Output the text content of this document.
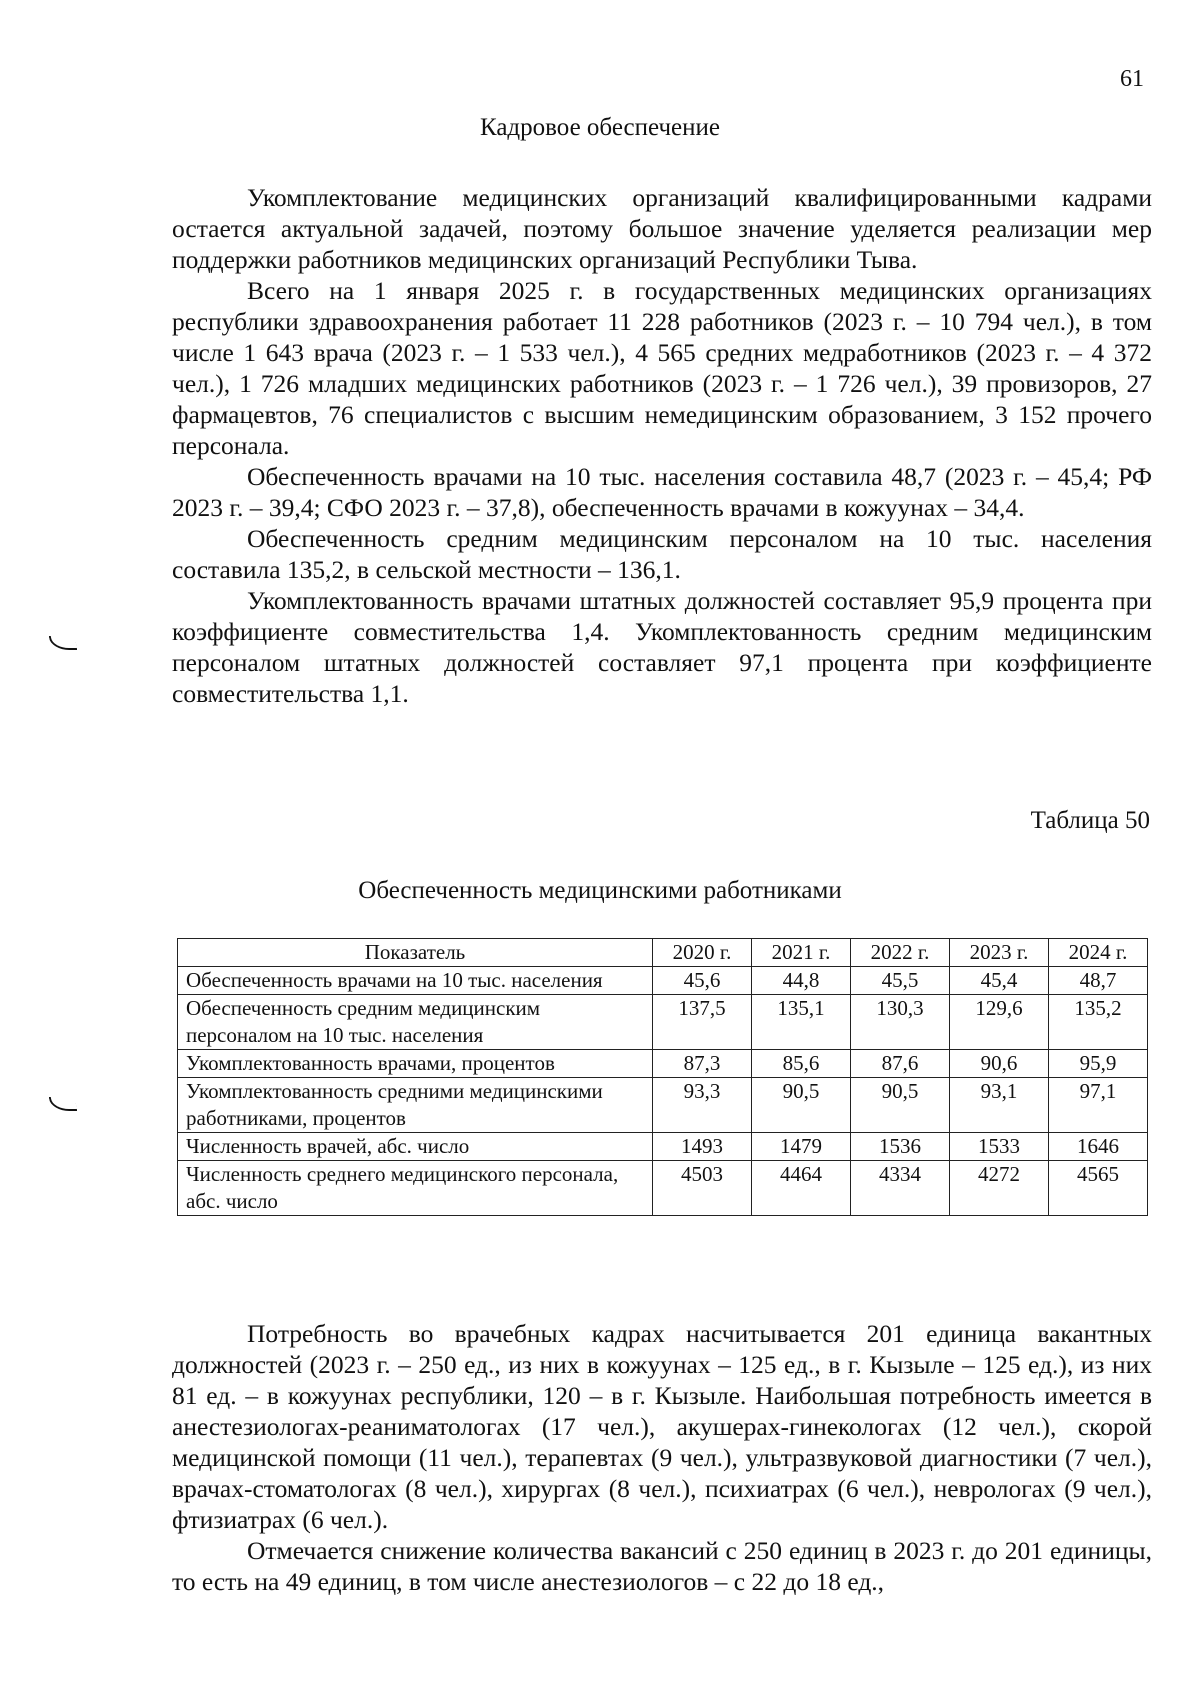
61
Кадровое обеспечение

Укомплектование медицинских организаций квалифицированными кадрами остается актуальной задачей, поэтому большое значение уделяется реализации мер поддержки работников медицинских организаций Республики Тыва.

Всего на 1 января 2025 г. в государственных медицинских организациях республики здравоохранения работает 11 228 работников (2023 г. – 10 794 чел.), в том числе 1 643 врача (2023 г. – 1 533 чел.), 4 565 средних медработников (2023 г. – 4 372 чел.), 1 726 младших медицинских работников (2023 г. – 1 726 чел.), 39 провизоров, 27 фармацевтов, 76 специалистов с высшим немедицинским образованием, 3 152 прочего персонала.

Обеспеченность врачами на 10 тыс. населения составила 48,7 (2023 г. – 45,4; РФ 2023 г. – 39,4; СФО 2023 г. – 37,8), обеспеченность врачами в кожуунах – 34,4.

Обеспеченность средним медицинским персоналом на 10 тыс. населения составила 135,2, в сельской местности – 136,1.

Укомплектованность врачами штатных должностей составляет 95,9 процента при коэффициенте совместительства 1,4. Укомплектованность средним медицинским персоналом штатных должностей составляет 97,1 процента при коэффициенте совместительства 1,1.

Таблица 50
Обеспеченность медицинскими работниками
Показатель	2020 г.	2021 г.	2022 г.	2023 г.	2024 г.
Обеспеченность врачами на 10 тыс. населения	45,6	44,8	45,5	45,4	48,7
Обеспеченность средним медицинским персоналом на 10 тыс. населения	137,5	135,1	130,3	129,6	135,2
Укомплектованность врачами, процентов	87,3	85,6	87,6	90,6	95,9
Укомплектованность средними медицинскими работниками, процентов	93,3	90,5	90,5	93,1	97,1
Численность врачей, абс. число	1493	1479	1536	1533	1646
Численность среднего медицинского персонала, абс. число	4503	4464	4334	4272	4565

Потребность во врачебных кадрах насчитывается 201 единица вакантных должностей (2023 г. – 250 ед., из них в кожуунах – 125 ед., в г. Кызыле – 125 ед.), из них 81 ед. – в кожуунах республики, 120 – в г. Кызыле. Наибольшая потребность имеется в анестезиологах-реаниматологах (17 чел.), акушерах-гинекологах (12 чел.), скорой медицинской помощи (11 чел.), терапевтах (9 чел.), ультразвуковой диагностики (7 чел.), врачах-стоматологах (8 чел.), хирургах (8 чел.), психиатрах (6 чел.), неврологах (9 чел.), фтизиатрах (6 чел.).

Отмечается снижение количества вакансий с 250 единиц в 2023 г. до 201 единицы, то есть на 49 единиц, в том числе анестезиологов – с 22 до 18 ед.,
